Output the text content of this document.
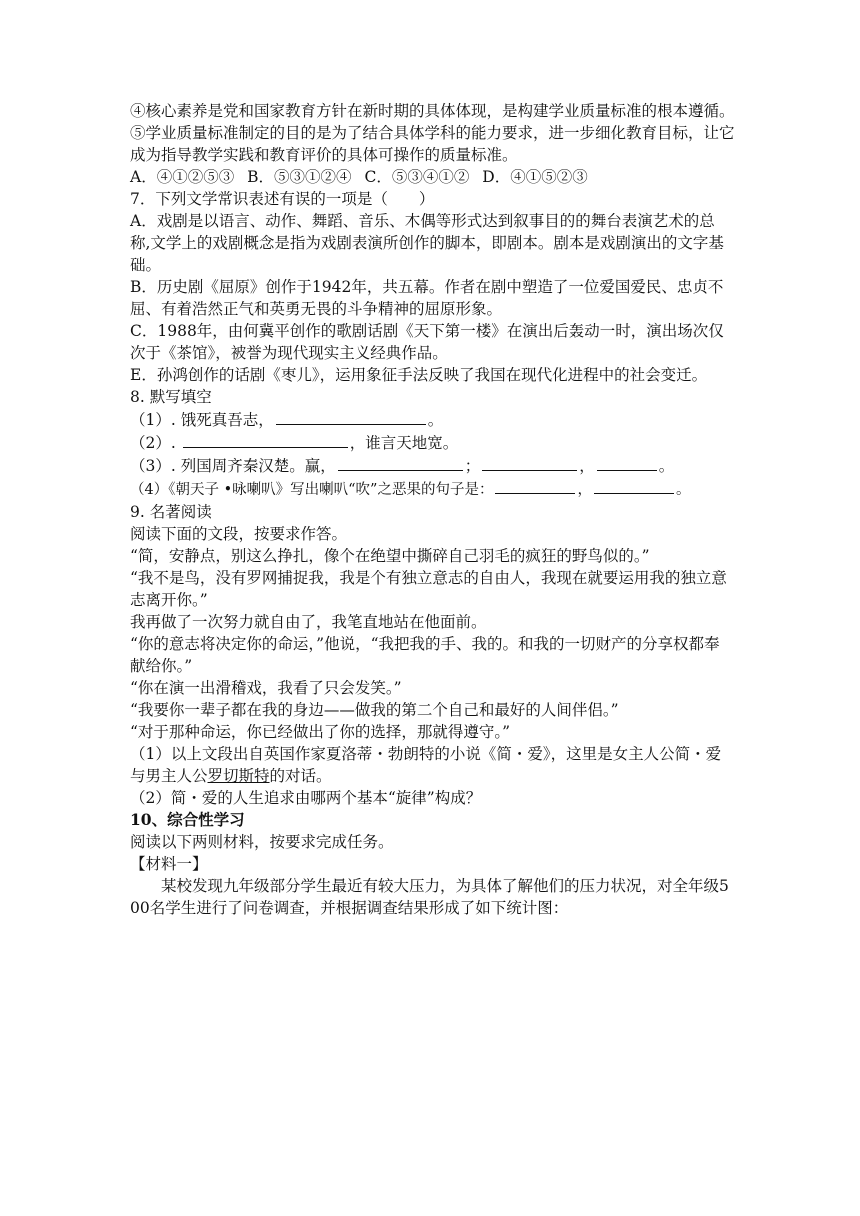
④核心素养是党和国家教育方针在新时期的具体体现，是构建学业质量标准的根本遵循。

⑤学业质量标准制定的目的是为了结合具体学科的能力要求，进一步细化教育目标，让它成为指导教学实践和教育评价的具体可操作的质量标准。

A．④①②⑤③ B．⑤③①②④ C．⑤③④①② D．④①⑤②③

7．下列文学常识表述有误的一项是（　　）

A．戏剧是以语言、动作、舞蹈、音乐、木偶等形式达到叙事目的的舞台表演艺术的总称,文学上的戏剧概念是指为戏剧表演所创作的脚本，即剧本。剧本是戏剧演出的文字基础。

B．历史剧《屈原》创作于1942年，共五幕。作者在剧中塑造了一位爱国爱民、忠贞不屈、有着浩然正气和英勇无畏的斗争精神的屈原形象。

C．1988年，由何冀平创作的歌剧话剧《天下第一楼》在演出后轰动一时，演出场次仅次于《茶馆》，被誉为现代现实主义经典作品。

E．孙鸿创作的话剧《枣儿》，运用象征手法反映了我国在现代化进程中的社会变迁。

8. 默写填空

（1）. 饿死真吾志，	。

（2）.	，谁言天地宽。

（3）. 列国周齐秦汉楚。赢，	；	，	。

（4）《朝天子 •咏喇叭》写出喇叭“吹”之恶果的句子是：	，	。

9. 名著阅读

阅读下面的文段，按要求作答。

“简，安静点，别这么挣扎，像个在绝望中撕碎自己羽毛的疯狂的野鸟似的。”

“我不是鸟，没有罗网捕捉我，我是个有独立意志的自由人，我现在就要运用我的独立意志离开你。”

我再做了一次努力就自由了，我笔直地站在他面前。

“你的意志将决定你的命运，”他说，“我把我的手、我的。和我的一切财产的分享权都奉献给你。”

“你在演一出滑稽戏，我看了只会发笑。”

“我要你一辈子都在我的身边——做我的第二个自己和最好的人间伴侣。”

“对于那种命运，你已经做出了你的选择，那就得遵守。”

（1）以上文段出自英国作家夏洛蒂・勃朗特的小说《简・爱》，这里是女主人公简・爱与男主人公罗切斯特的对话。

（2）简・爱的人生追求由哪两个基本“旋律”构成？

10、综合性学习

阅读以下两则材料，按要求完成任务。

【材料一】

某校发现九年级部分学生最近有较大压力，为具体了解他们的压力状况，对全年级500名学生进行了问卷调查，并根据调查结果形成了如下统计图：
